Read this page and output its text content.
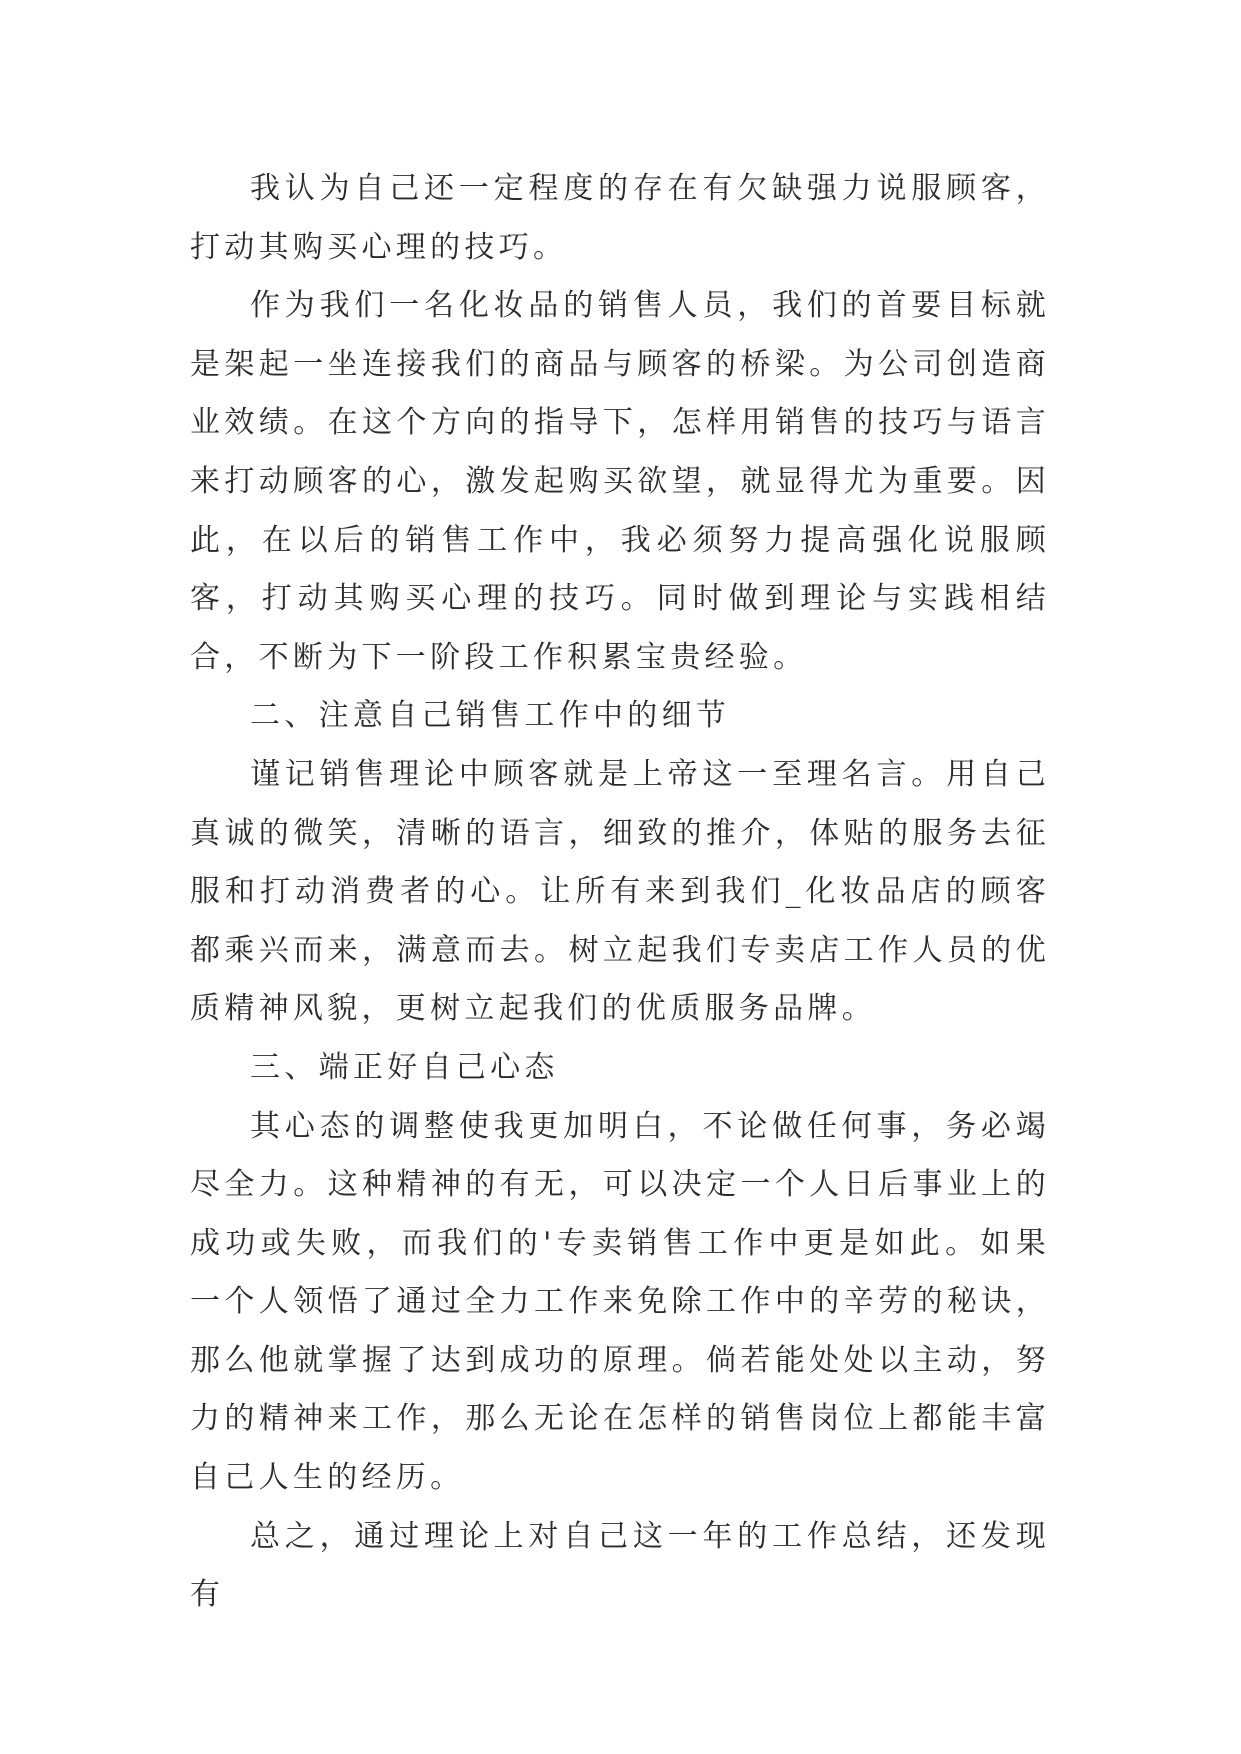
我认为自己还一定程度的存在有欠缺强力说服顾客，打动其购买心理的技巧。

作为我们一名化妆品的销售人员，我们的首要目标就是架起一坐连接我们的商品与顾客的桥梁。为公司创造商业效绩。在这个方向的指导下，怎样用销售的技巧与语言来打动顾客的心，激发起购买欲望，就显得尤为重要。因此，在以后的销售工作中，我必须努力提高强化说服顾客，打动其购买心理的技巧。同时做到理论与实践相结合，不断为下一阶段工作积累宝贵经验。

二、注意自己销售工作中的细节

谨记销售理论中顾客就是上帝这一至理名言。用自己真诚的微笑，清晰的语言，细致的推介，体贴的服务去征服和打动消费者的心。让所有来到我们_化妆品店的顾客都乘兴而来，满意而去。树立起我们专卖店工作人员的优质精神风貌，更树立起我们的优质服务品牌。

三、端正好自己心态

其心态的调整使我更加明白，不论做任何事，务必竭尽全力。这种精神的有无，可以决定一个人日后事业上的成功或失败，而我们的'专卖销售工作中更是如此。如果一个人领悟了通过全力工作来免除工作中的辛劳的秘诀，那么他就掌握了达到成功的原理。倘若能处处以主动，努力的精神来工作，那么无论在怎样的销售岗位上都能丰富自己人生的经历。

总之，通过理论上对自己这一年的工作总结，还发现有
